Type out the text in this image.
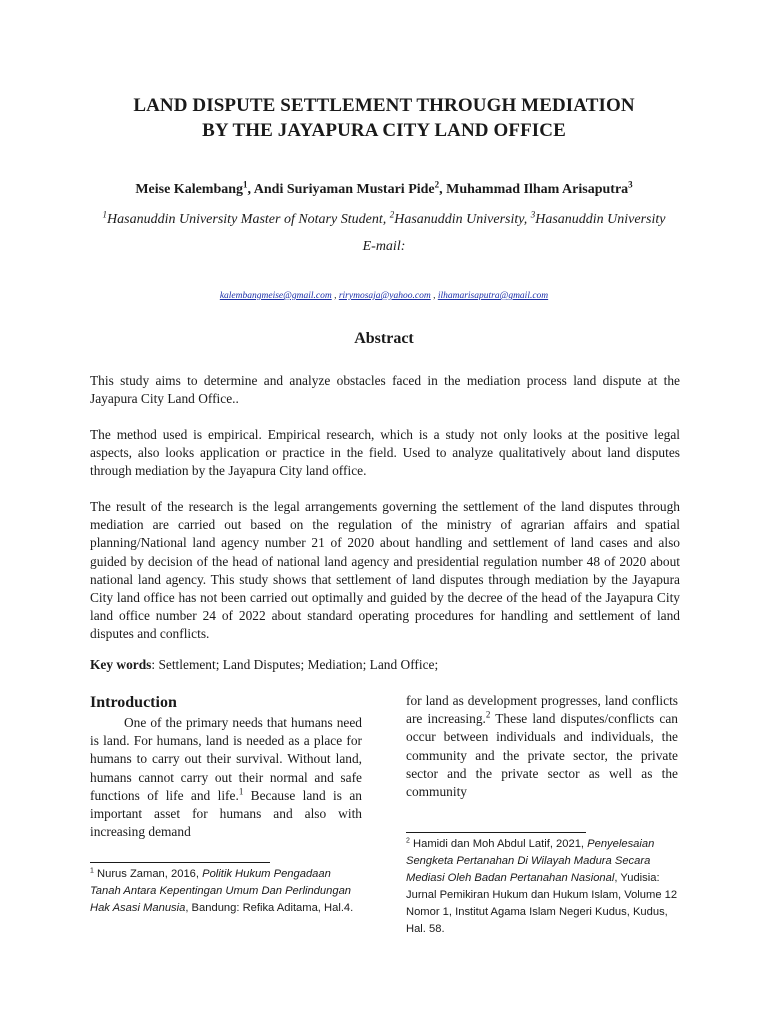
LAND DISPUTE SETTLEMENT THROUGH MEDIATION
BY THE JAYAPURA CITY LAND OFFICE
Meise Kalembang$^1$, Andi Suriyaman Mustari Pide$^2$, Muhammad Ilham Arisaputra$^3$
$^1$Hasanuddin University Master of Notary Student, $^2$Hasanuddin University, $^3$Hasanuddin University
E-mail:
kalembangmeise@gmail.com , rirymosaja@yahoo.com , ilhamarisaputra@gmail.com
Abstract

This study aims to determine and analyze obstacles faced in the mediation process land dispute at the Jayapura City Land Office..

The method used is empirical. Empirical research, which is a study not only looks at the positive legal aspects, also looks application or practice in the field. Used to analyze qualitatively about land disputes through mediation by the Jayapura City land office.

The result of the research is the legal arrangements governing the settlement of the land disputes through mediation are carried out based on the regulation of the ministry of agrarian affairs and spatial planning/National land agency number 21 of 2020 about handling and settlement of land cases and also guided by decision of the head of national land agency and presidential regulation number 48 of 2020 about national land agency. This study shows that settlement of land disputes through mediation by the Jayapura City land office has not been carried out optimally and guided by the decree of the head of the Jayapura City land office number 24 of 2022 about standard operating procedures for handling and settlement of land disputes and conflicts.

Key words: Settlement; Land Disputes; Mediation; Land Office;
Introduction

One of the primary needs that humans need is land. For humans, land is needed as a place for humans to carry out their survival. Without land, humans cannot carry out their normal and safe functions of life and life.$^1$ Because land is an important asset for humans and also with increasing demand

for land as development progresses, land conflicts are increasing.$^2$ These land disputes/conflicts can occur between individuals and individuals, the community and the private sector, the private sector and the private sector as well as the community

$^1$ Nurus Zaman, 2016, Politik Hukum Pengadaan Tanah Antara Kepentingan Umum Dan Perlindungan Hak Asasi Manusia, Bandung: Refika Aditama, Hal.4.
$^2$ Hamidi dan Moh Abdul Latif, 2021, Penyelesaian Sengketa Pertanahan Di Wilayah Madura Secara Mediasi Oleh Badan Pertanahan Nasional, Yudisia: Jurnal Pemikiran Hukum dan Hukum Islam, Volume 12 Nomor 1, Institut Agama Islam Negeri Kudus, Kudus, Hal. 58.
